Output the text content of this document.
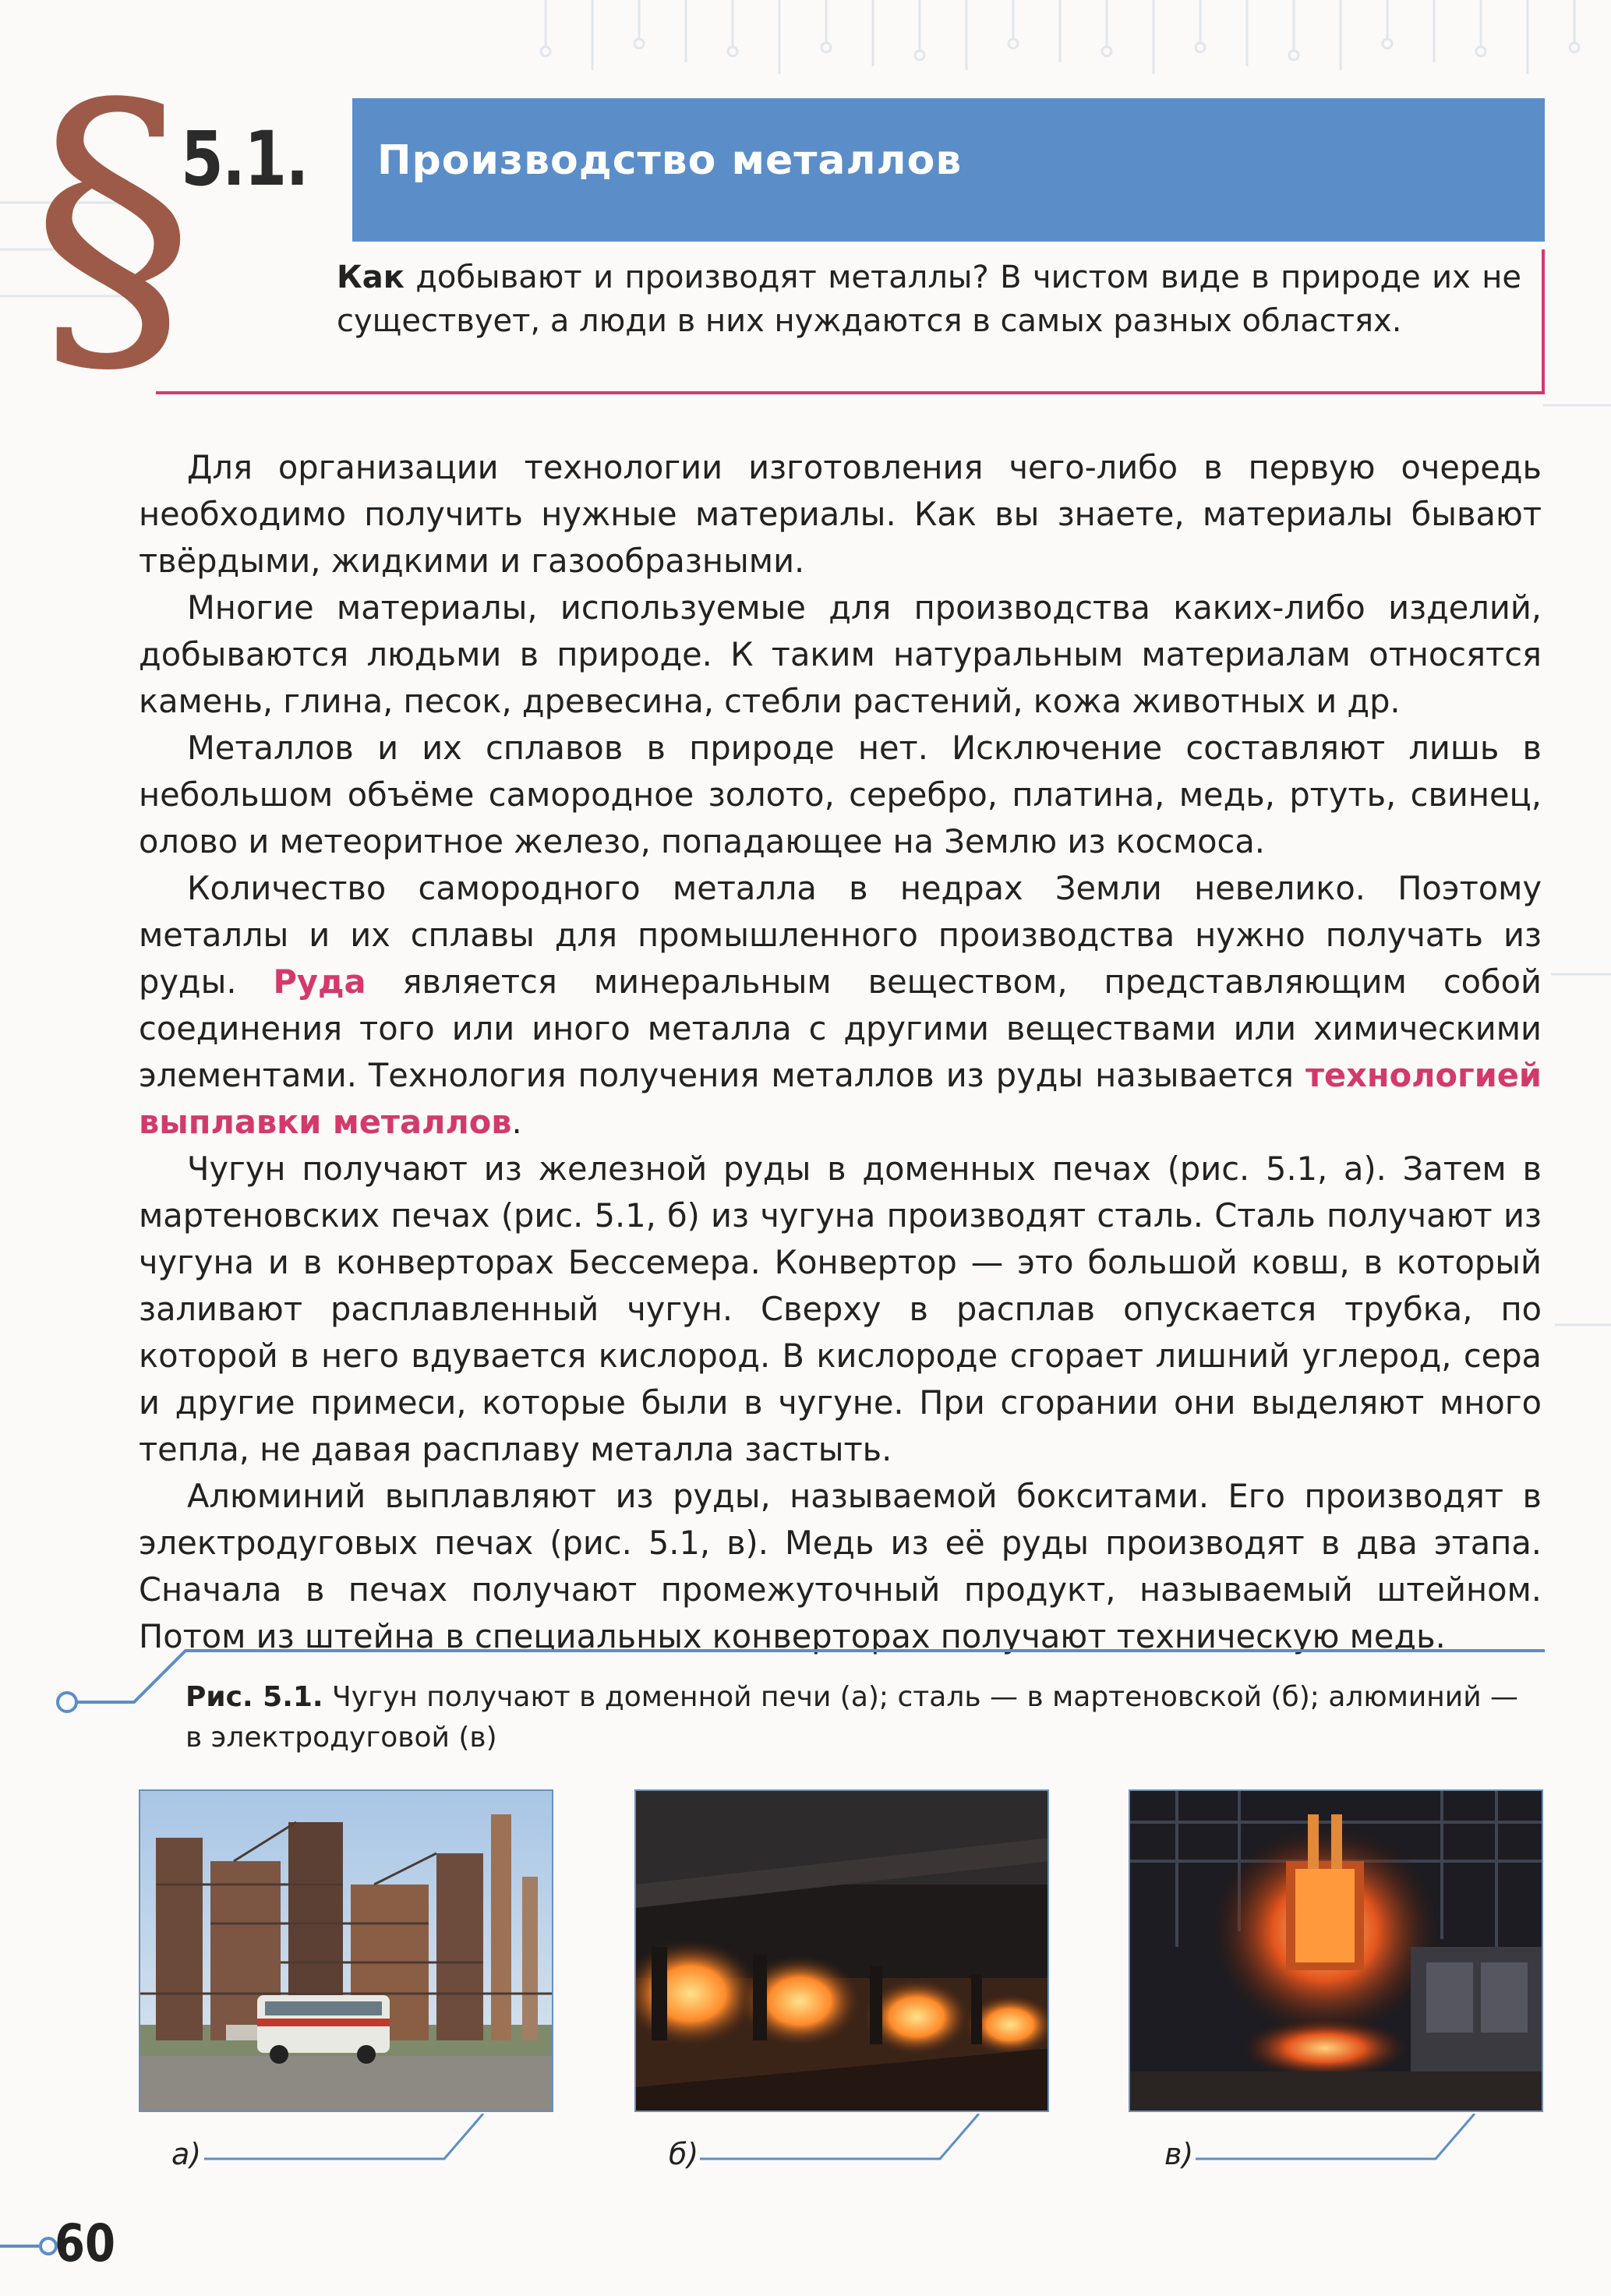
§
5.1. Производство металлов
Как добывают и производят металлы? В чистом виде в природе их не существует, а люди в них нуждаются в самых разных областях.

Для организации технологии изготовления чего-либо в первую очередь необходимо получить нужные материалы. Как вы знаете, материалы бывают твёрдыми, жидкими и газообразными.

Многие материалы, используемые для производства каких-либо изделий, добываются людьми в природе. К таким натуральным материалам относятся камень, глина, песок, древесина, стебли растений, кожа животных и др.

Металлов и их сплавов в природе нет. Исключение составляют лишь в небольшом объёме самородное золото, серебро, платина, медь, ртуть, свинец, олово и метеоритное железо, попадающее на Землю из космоса.

Количество самородного металла в недрах Земли невелико. Поэтому металлы и их сплавы для промышленного производства нужно получать из руды. Руда является минеральным веществом, представляющим собой соединения того или иного металла с другими веществами или химическими элементами. Технология получения металлов из руды называется технологией выплавки металлов.

Чугун получают из железной руды в доменных печах (рис. 5.1, а). Затем в мартеновских печах (рис. 5.1, б) из чугуна производят сталь. Сталь получают из чугуна и в конверторах Бессемера. Конвертор — это большой ковш, в который заливают расплавленный чугун. Сверху в расплав опускается трубка, по которой в него вдувается кислород. В кислороде сгорает лишний углерод, сера и другие примеси, которые были в чугуне. При сгорании они выделяют много тепла, не давая расплаву металла застыть.

Алюминий выплавляют из руды, называемой бокситами. Его производят в электродуговых печах (рис. 5.1, в). Медь из её руды производят в два этапа. Сначала в печах получают промежуточный продукт, называемый штейном. Потом из штейна в специальных конверторах получают техническую медь.

Рис. 5.1. Чугун получают в доменной печи (а); сталь — в мартеновской (б); алюминий — в электродуговой (в)
а)	б)	в)
60
